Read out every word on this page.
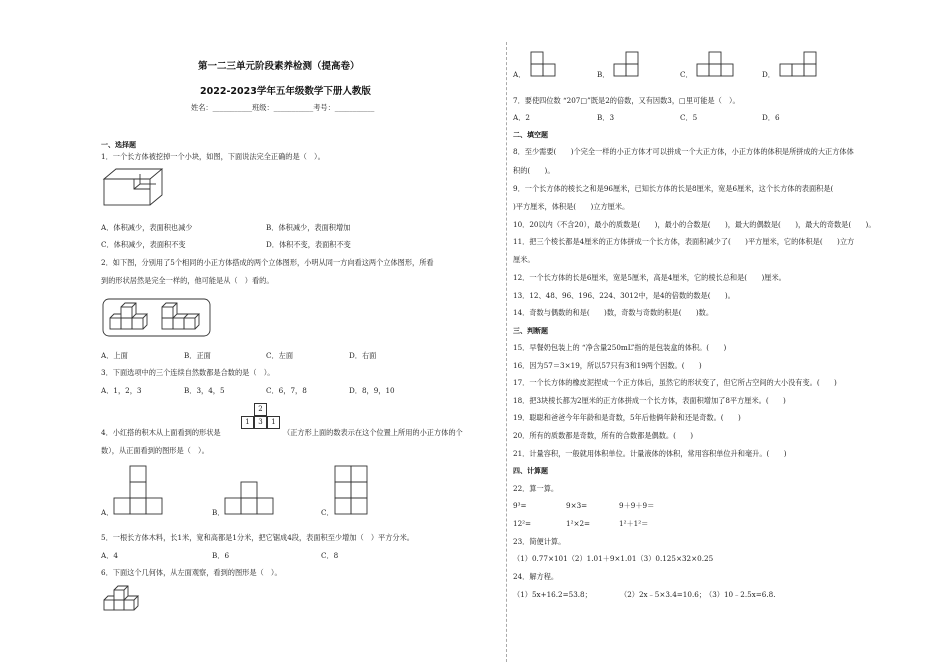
第一二三单元阶段素养检测（提高卷）
2022-2023学年五年级数学下册人教版
姓名：___________班级：___________考号：___________
一、选择题
1．一个长方体被挖掉一个小块，如图，下面说法完全正确的是（　）。
A．体积减少，表面积也减少	B．体积减少，表面积增加
C．体积减少，表面积不变	D．体积不变，表面积不变
2．如下图，分别用了5个相同的小正方体搭成的两个立体图形，小明从同一方向看这两个立体图形，所看
到的形状居然是完全一样的，他可能是从（　）看的。
A．上面	B．正面	C．左面	D．右面
3．下面选项中的三个连续自然数都是合数的是（　）。
A．1，2，3	B．3，4，5	C．6，7，8	D．8，9，10
4．小红搭的积木从上面看到的形状是
2
1	3	1
（正方形上面的数表示在这个位置上所用的小正方体的个
数），从正面看到的图形是（　）。
A．	B．	C．
5．一根长方体木料，长1米，宽和高都是1分米，把它锯成4段，表面积至少增加（　）平方分米。
A．4	B．6	C．8
6．下面这个几何体，从左面观察，看到的图形是（　）。
A．	B．	C．	D．
7．要使四位数 “207□”既是2的倍数，又有因数3，□里可能是（　）。
A．2	B．3	C．5	D．6
二、填空题
8．至少需要(　　)个完全一样的小正方体才可以拼成一个大正方体，小正方体的体积是所拼成的大正方体体
积的(　　)。
9．一个长方体的棱长之和是96厘米，已知长方体的长是8厘米，宽是6厘米，这个长方体的表面积是(
)平方厘米，体积是(　　)立方厘米。
10．20以内（不含20），最小的质数是(　　)，最小的合数是(　　)，最大的偶数是(　　)，最大的奇数是(　　)。
11．把三个棱长都是4厘米的正方体拼成一个长方体，表面积减少了(　　)平方厘米，它的体积是(　　)立方
厘米。
12．一个长方体的长是6厘米，宽是5厘米，高是4厘米，它的棱长总和是(　　)厘米。
13．12、48、96、196、224、3012中，是4的倍数的数是(　　)。
14．奇数与偶数的和是(　　)数，奇数与奇数的积是(　　)数。
三、判断题
15．早餐奶包装上的 “净含量250mL”指的是包装盒的体积。(　　)
16．因为57＝3×19，所以57只有3和19两个因数。(　　)
17．一个长方体的橡皮泥捏成一个正方体后，虽然它的形状变了，但它所占空间的大小没有变。(　　)
18．把3块棱长都为2厘米的正方体拼成一个长方体，表面积增加了8平方厘米。(　　)
19．聪聪和爸爸今年年龄和是奇数，5年后他俩年龄和还是奇数。(　　)
20．所有的质数都是奇数，所有的合数都是偶数。(　　)
21．计量容积，一般就用体积单位。计量液体的体积，常用容积单位升和毫升。(　　)
四、计算题
22．算一算。
9³=	9×3=	9＋9＋9＝
12²=	1²×2=	1²＋1²＝
23．简便计算。
（1）0.77×101（2）1.01＋9×1.01（3）0.125×32×0.25
24．解方程。
（1）5x+16.2=53.8；	（2）2x﹣5×3.4=10.6；
（3）10﹣2.5x=6.8.
